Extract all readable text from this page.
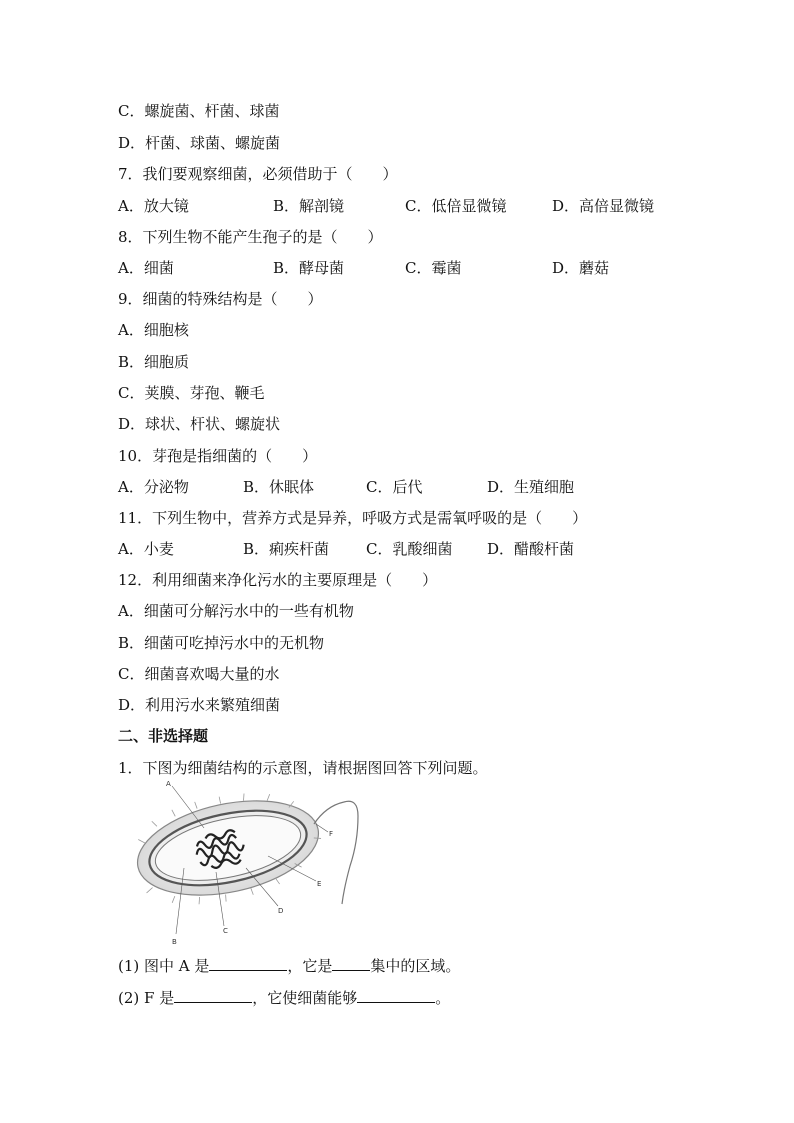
C．螺旋菌、杆菌、球菌
D．杆菌、球菌、螺旋菌
7．我们要观察细菌，必须借助于（　　）
A．放大镜	B．解剖镜	C．低倍显微镜	D．高倍显微镜
8．下列生物不能产生孢子的是（　　）
A．细菌	B．酵母菌	C．霉菌	D．蘑菇
9．细菌的特殊结构是（　　）
A．细胞核
B．细胞质
C．荚膜、芽孢、鞭毛
D．球状、杆状、螺旋状
10．芽孢是指细菌的（　　）
A．分泌物	B．休眠体	C．后代	D．生殖细胞
11．下列生物中，营养方式是异养，呼吸方式是需氧呼吸的是（　　）
A．小麦	B．痢疾杆菌 C．乳酸细菌 D．醋酸杆菌
12．利用细菌来净化污水的主要原理是（　　）
A．细菌可分解污水中的一些有机物
B．细菌可吃掉污水中的无机物
C．细菌喜欢喝大量的水
D．利用污水来繁殖细菌
二、非选择题
1．下图为细菌结构的示意图，请根据图回答下列问题。
A
B
C
D
E
F
(1) 图中 A 是	，它是	集中的区域。
(2) F 是	，它使细菌能够	。
